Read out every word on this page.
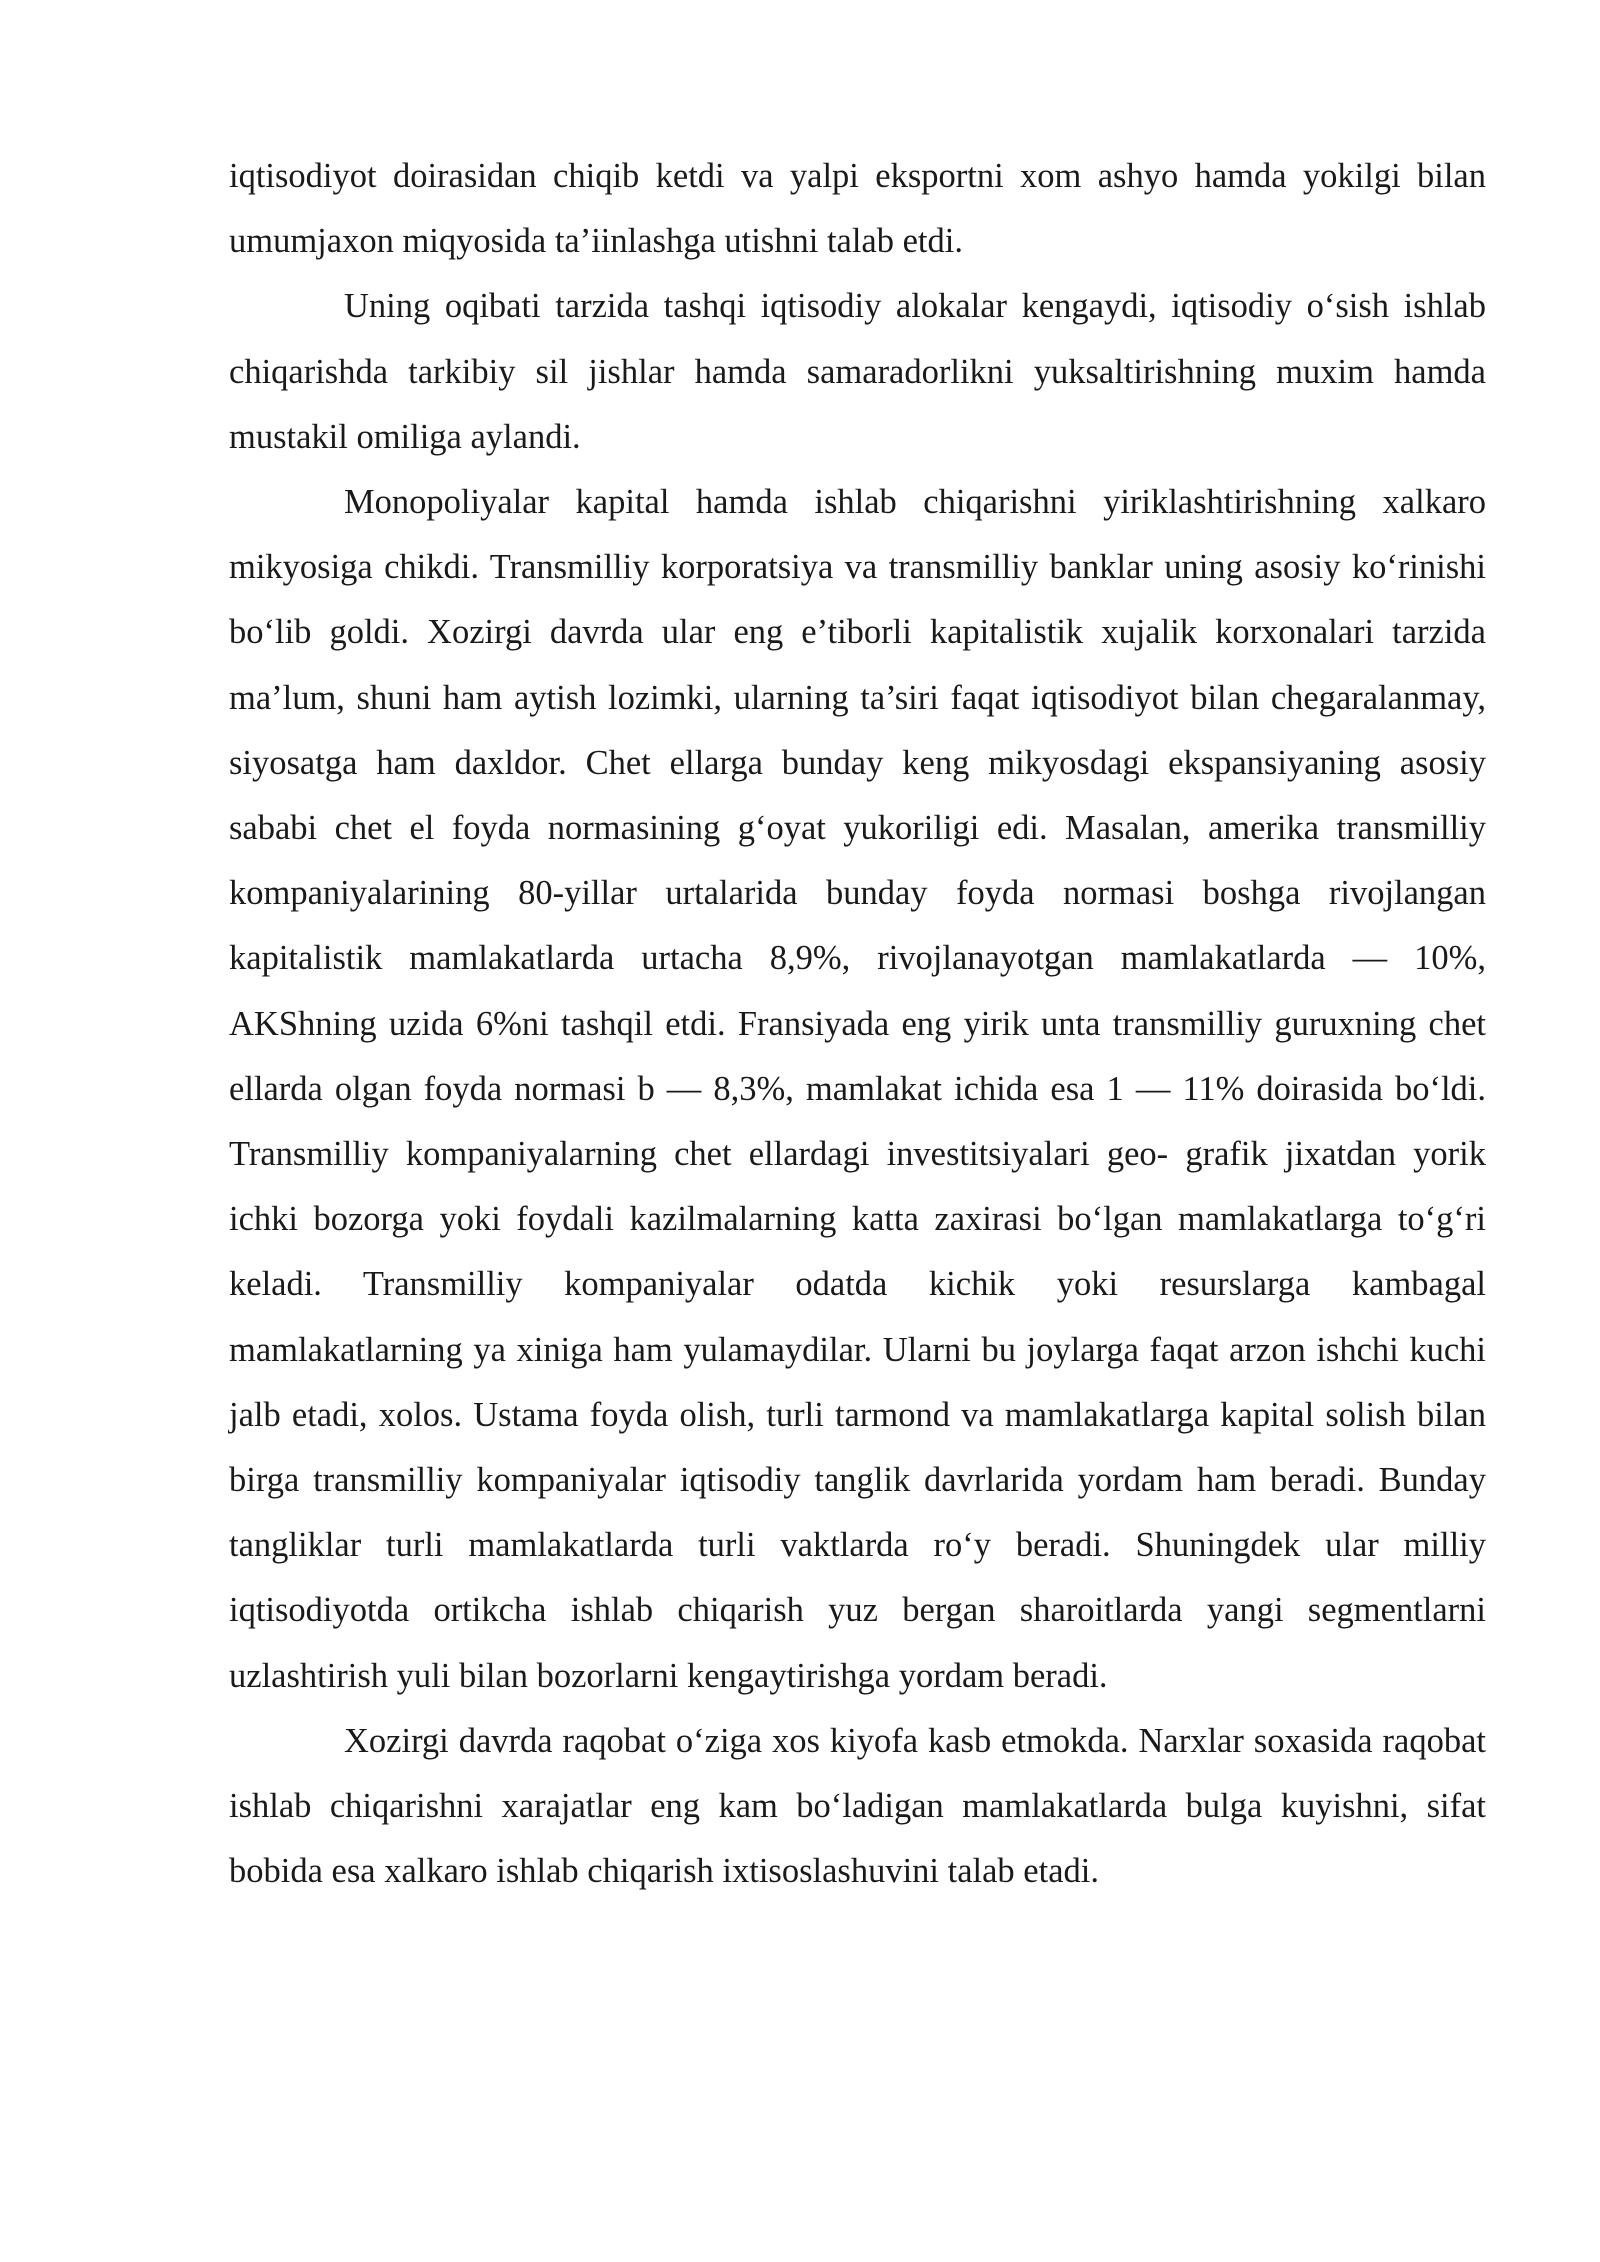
iqtisodiyot doirasidan chiqib ketdi va yalpi eksportni xom ashyo hamda yokilgi bilan umumjaxon miqyosida ta’iinlashga utishni talab etdi.

Uning oqibati tarzida tashqi iqtisodiy alokalar kengaydi, iqtisodiy o‘sish ishlab chiqarishda tarkibiy sil jishlar hamda samaradorlikni yuksaltirishning muxim hamda mustakil omiliga aylandi.

Monopoliyalar kapital hamda ishlab chiqarishni yiriklashtirishning xalkaro mikyosiga chikdi. Transmilliy korporatsiya va transmilliy banklar uning asosiy ko‘rinishi bo‘lib goldi. Xozirgi davrda ular eng e’tiborli kapitalistik xujalik korxonalari tarzida ma’lum, shuni ham aytish lozimki, ularning ta’siri faqat iqtisodiyot bilan chegaralanmay, siyosatga ham daxldor. Chet ellarga bunday keng mikyosdagi ekspansiyaning asosiy sababi chet el foyda normasining g‘oyat yukoriligi edi. Masalan, amerika transmilliy kompaniyalarining 80-yillar urtalarida bunday foyda normasi boshga rivojlangan kapitalistik mamlakatlarda urtacha 8,9%, rivojlanayotgan mamlakatlarda — 10%, AKShning uzida 6%ni tashqil etdi. Fransiyada eng yirik unta transmilliy guruxning chet ellarda olgan foyda normasi b — 8,3%, mamlakat ichida esa 1 — 11% doirasida bo‘ldi. Transmilliy kompaniyalarning chet ellardagi investitsiyalari geo- grafik jixatdan yorik ichki bozorga yoki foydali kazilmalarning katta zaxirasi bo‘lgan mamlakatlarga to‘g‘ri keladi. Transmilliy kompaniyalar odatda kichik yoki resurslarga kambagal mamlakatlarning ya xiniga ham yulamaydilar. Ularni bu joylarga faqat arzon ishchi kuchi jalb etadi, xolos. Ustama foyda olish, turli tarmond va mamlakatlarga kapital solish bilan birga transmilliy kompaniyalar iqtisodiy tanglik davrlarida yordam ham beradi. Bunday tangliklar turli mamlakatlarda turli vaktlarda ro‘y beradi. Shuningdek ular milliy iqtisodiyotda ortikcha ishlab chiqarish yuz bergan sharoitlarda yangi segmentlarni uzlashtirish yuli bilan bozorlarni kengaytirishga yordam beradi.

Xozirgi davrda raqobat o‘ziga xos kiyofa kasb etmokda. Narxlar soxasida raqobat ishlab chiqarishni xarajatlar eng kam bo‘ladigan mamlakatlarda bulga kuyishni, sifat bobida esa xalkaro ishlab chiqarish ixtisoslashuvini talab etadi.
